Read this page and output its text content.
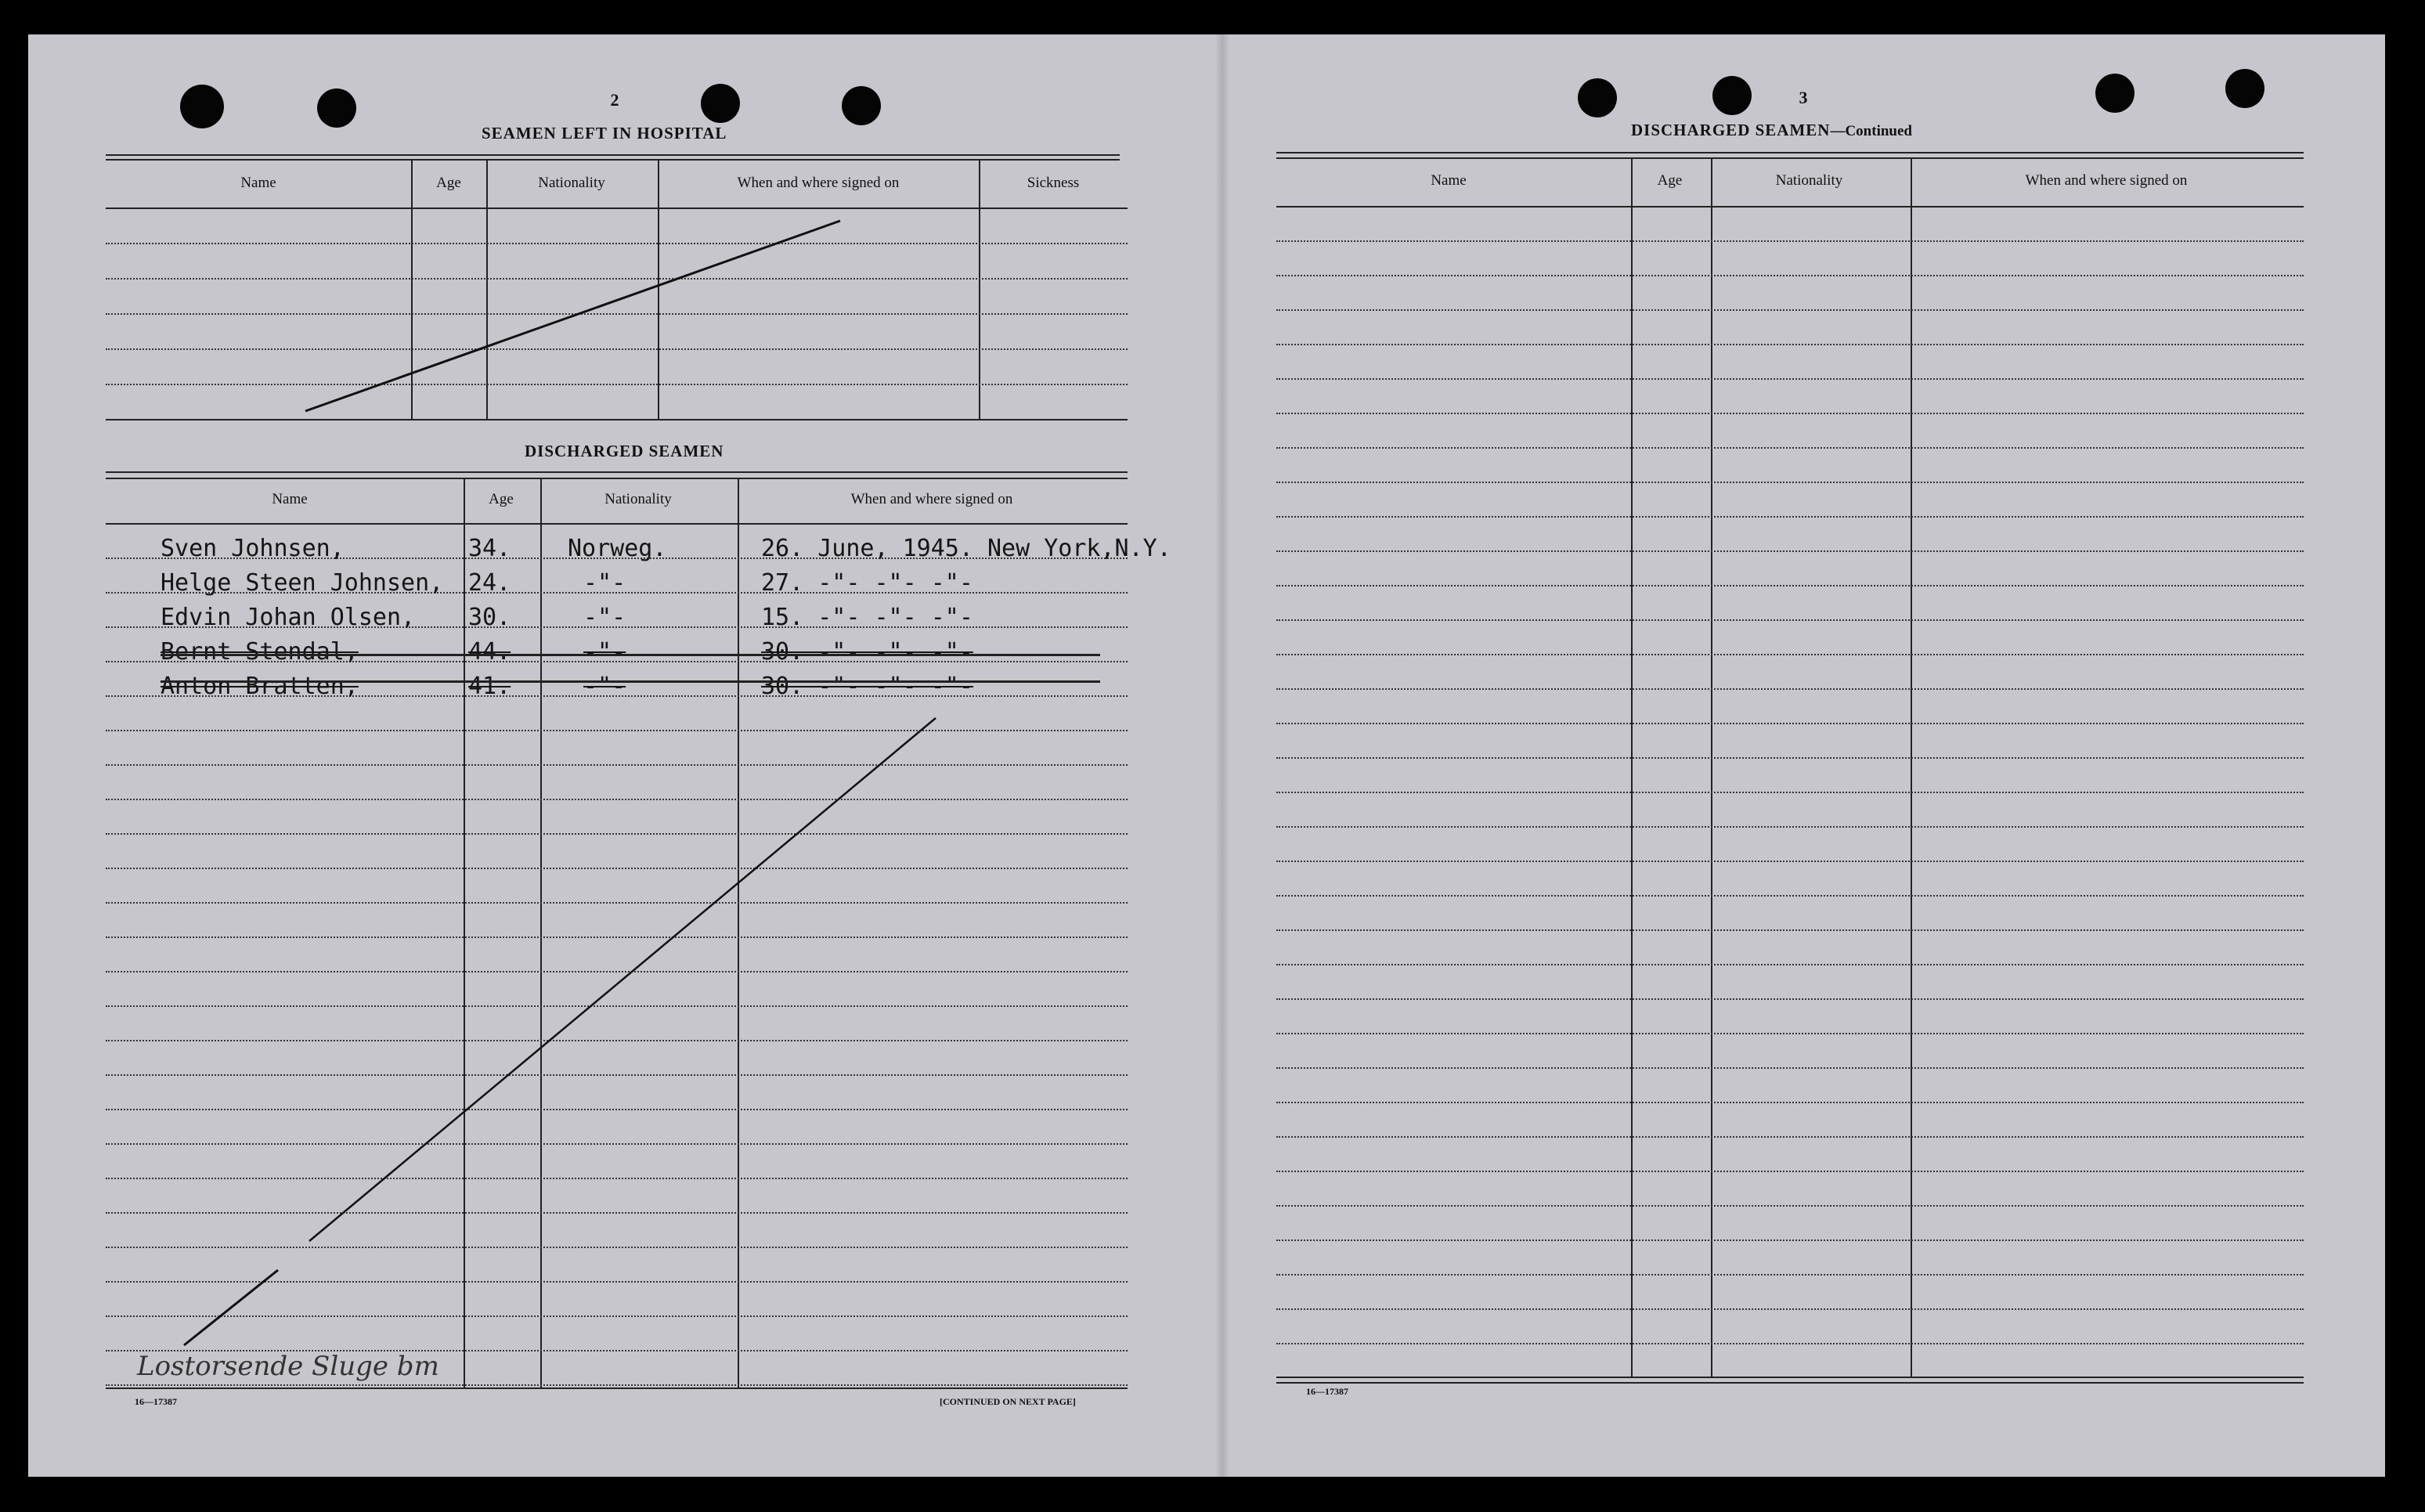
2
SEAMEN LEFT IN HOSPITAL
Name	Age	Nationality	When and where signed on	Sickness
DISCHARGED SEAMEN
Name	Age	Nationality	When and where signed on
Sven Johnsen,	34. Norweg.	26. June, 1945. New York,N.Y.
Helge Steen Johnsen, 24.	-"-	27. -"- -"- -"-
Edvin Johan Olsen, 30.	-"-	15. -"- -"- -"-
Bernt Stendal,	44.	-"-	30. -"- -"- -"-
Anton Bratten,	41.	-"-	30. -"- -"- -"-
Lostorsende Sluge bm
16—17387	[CONTINUED ON NEXT PAGE]
3
DISCHARGED SEAMEN—Continued
Name	Age	Nationality	When and where signed on
16—17387
